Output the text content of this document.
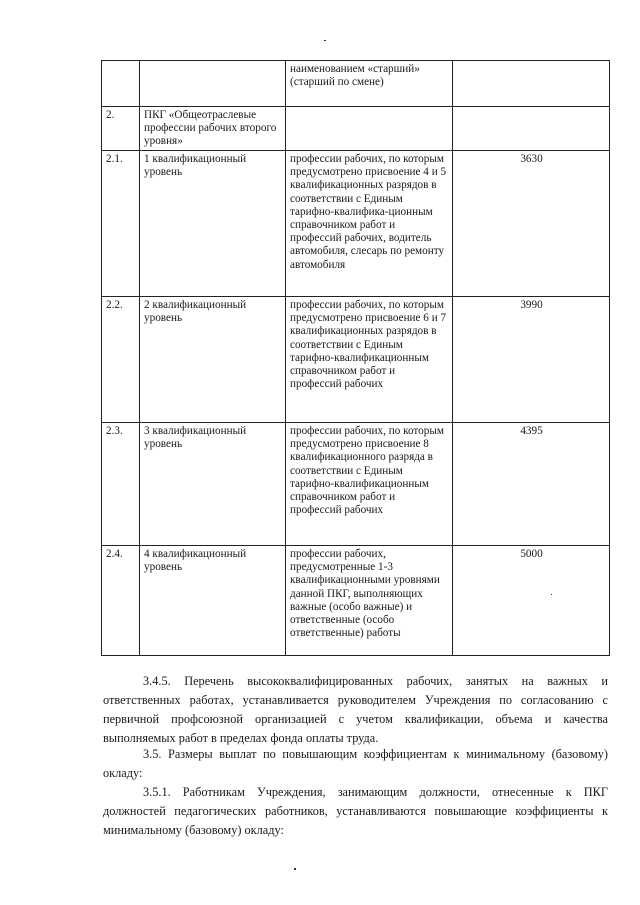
		наименованием «старший» (старший по смене)	
2.	ПКГ «Общеотраслевые профессии рабочих второго уровня»		
2.1.	1 квалификационный уровень	профессии рабочих, по которым предусмотрено присвоение 4 и 5 квалификационных разрядов в соответствии с Единым тарифно-квалифика-ционным справочником работ и профессий рабочих, водитель автомобиля, слесарь по ремонту автомобиля	3630
2.2.	2 квалификационный уровень	профессии рабочих, по которым предусмотрено присвоение 6 и 7 квалификационных разрядов в соответствии с Единым тарифно-квалификационным справочником работ и профессий рабочих	3990
2.3.	3 квалификационный уровень	профессии рабочих, по которым предусмотрено присвоение 8 квалификационного разряда в соответствии с Единым тарифно-квалификационным справочником работ и профессий рабочих	4395
2.4.	4 квалификационный уровень	профессии рабочих, предусмотренные 1-3 квалификационными уровнями данной ПКГ, выполняющих важные (особо важные) и ответственные (особо ответственные) работы	5000

3.4.5. Перечень высококвалифицированных рабочих, занятых на важных и ответственных работах, устанавливается руководителем Учреждения по согласованию с первичной профсоюзной организацией с учетом квалификации, объема и качества выполняемых работ в пределах фонда оплаты труда.

3.5. Размеры выплат по повышающим коэффициентам к минимальному (базовому) окладу:

3.5.1. Работникам Учреждения, занимающим должности, отнесенные к ПКГ должностей педагогических работников, устанавливаются повышающие коэффициенты к минимальному (базовому) окладу:
